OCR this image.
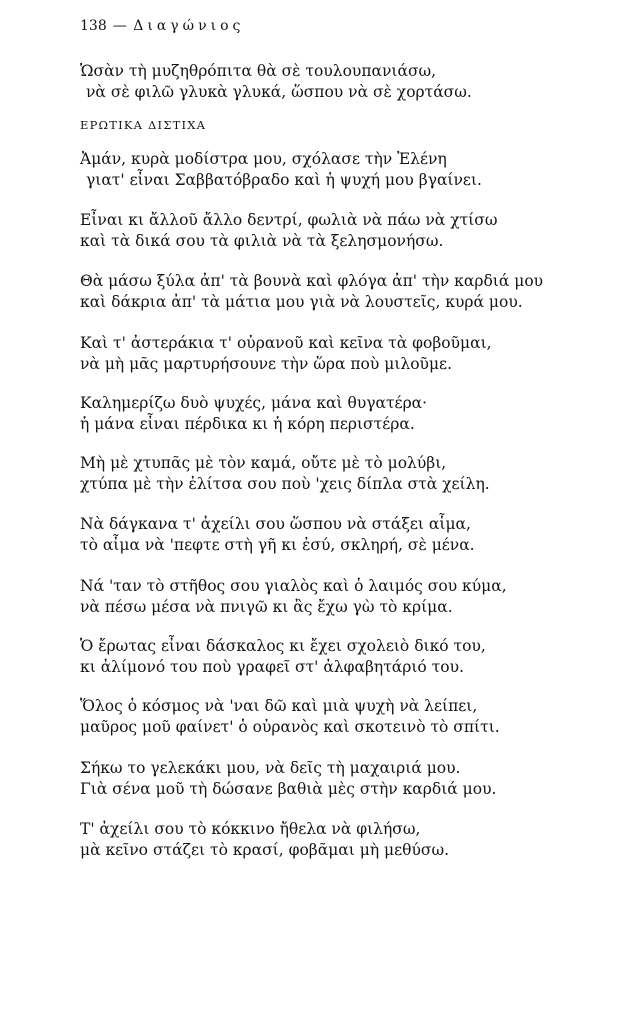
138 — Διαγώνιος
Ὡσὰν τὴ μυζηθρόπιτα θὰ σὲ τουλουπανιάσω,
νὰ σὲ φιλῶ γλυκὰ γλυκά, ὥσπου νὰ σὲ χορτάσω.
ΕΡΩΤΙΚΑ ΔΙΣΤΙΧΑ
Ἀμάν, κυρὰ μοδίστρα μου, σχόλασε τὴν Ἑλένη
γιατ' εἶναι Σαββατόβραδο καὶ ἡ ψυχή μου βγαίνει.
Εἶναι κι ἄλλοῦ ἄλλο δεντρί, φωλιὰ νὰ πάω νὰ χτίσω
καὶ τὰ δικά σου τὰ φιλιὰ νὰ τὰ ξελησμονήσω.
Θὰ μάσω ξύλα ἀπ' τὰ βουνὰ καὶ φλόγα ἀπ' τὴν καρδιά μου
καὶ δάκρια ἀπ' τὰ μάτια μου γιὰ νὰ λουστεῖς, κυρά μου.
Καὶ τ' ἀστεράκια τ' οὐρανοῦ καὶ κεῖνα τὰ φοβοῦμαι,
νὰ μὴ μᾶς μαρτυρήσουνε τὴν ὥρα ποὺ μιλοῦμε.
Καλημερίζω δυὸ ψυχές, μάνα καὶ θυγατέρα·
ἡ μάνα εἶναι πέρδικα κι ἡ κόρη περιστέρα.
Μὴ μὲ χτυπᾶς μὲ τὸν καμά, οὔτε μὲ τὸ μολύβι,
χτύπα μὲ τὴν ἐλίτσα σου ποὺ 'χεις δίπλα στὰ χείλη.
Νὰ δάγκανα τ' ἀχείλι σου ὥσπου νὰ στάξει αἷμα,
τὸ αἷμα νὰ 'πεφτε στὴ γῆ κι ἐσύ, σκληρή, σὲ μένα.
Νά 'ταν τὸ στῆθος σου γιαλὸς καὶ ὁ λαιμός σου κύμα,
νὰ πέσω μέσα νὰ πνιγῶ κι ἂς ἔχω γὼ τὸ κρίμα.
Ὁ ἔρωτας εἶναι δάσκαλος κι ἔχει σχολειὸ δικό του,
κι ἀλίμονό του ποὺ γραφεῖ στ' ἀλφαβητάριό του.
Ὅλος ὁ κόσμος νὰ 'ναι δῶ καὶ μιὰ ψυχὴ νὰ λείπει,
μαῦρος μοῦ φαίνετ' ὁ οὐρανὸς καὶ σκοτεινὸ τὸ σπίτι.
Σήκω το γελεκάκι μου, νὰ δεῖς τὴ μαχαιριά μου.
Γιὰ σένα μοῦ τὴ δώσανε βαθιὰ μὲς στὴν καρδιά μου.
Τ' ἀχείλι σου τὸ κόκκινο ἤθελα νὰ φιλήσω,
μὰ κεῖνο στάζει τὸ κρασί, φοβᾶμαι μὴ μεθύσω.
